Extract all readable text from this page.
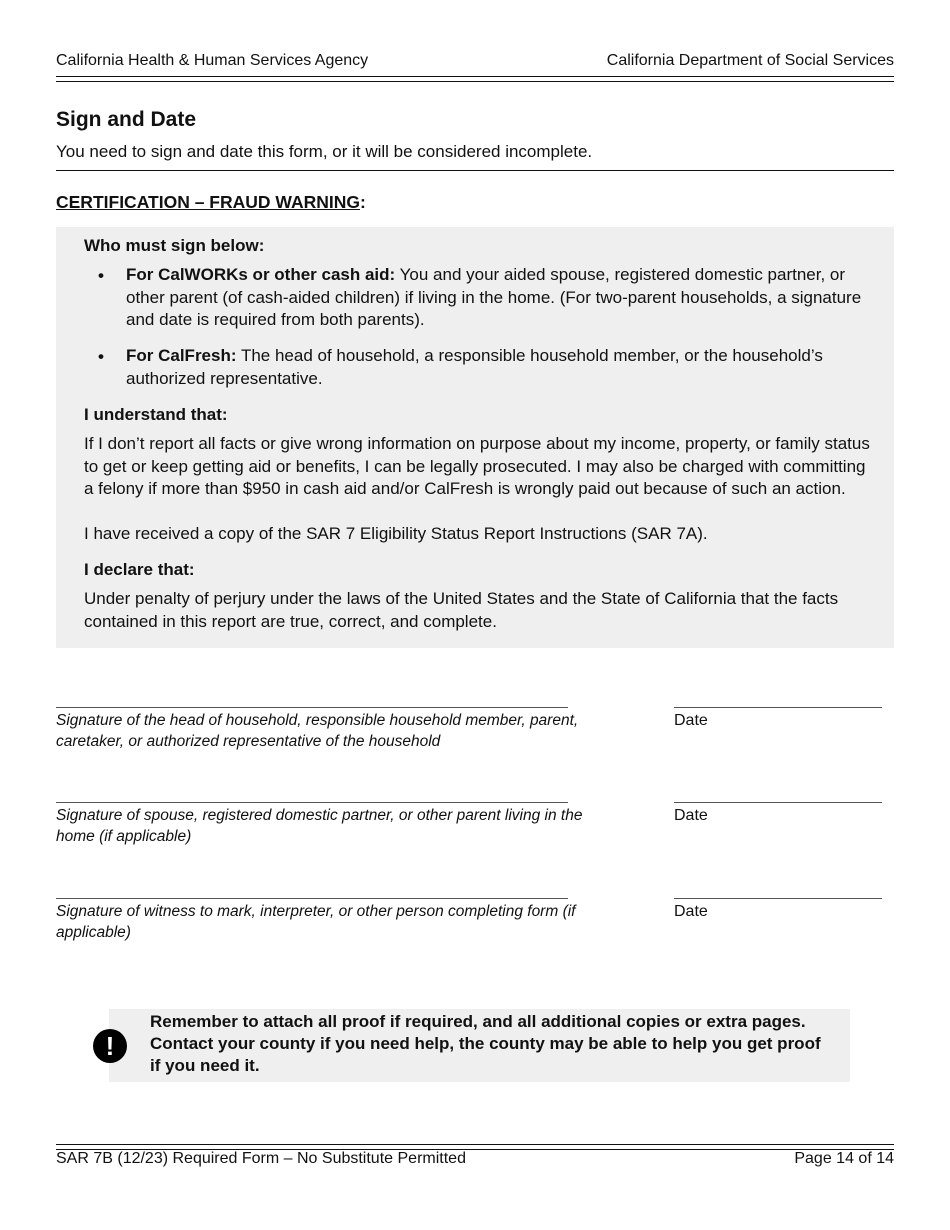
California Health & Human Services Agency	California Department of Social Services
Sign and Date

You need to sign and date this form, or it will be considered incomplete.

CERTIFICATION – FRAUD WARNING:

Who must sign below:

•	For CalWORKs or other cash aid: You and your aided spouse, registered domestic partner, or other parent (of cash-aided children) if living in the home. (For two-parent households, a signature and date is required from both parents).

•	For CalFresh: The head of household, a responsible household member, or the household’s authorized representative.

I understand that:

If I don’t report all facts or give wrong information on purpose about my income, property, or family status to get or keep getting aid or benefits, I can be legally prosecuted. I may also be charged with committing a felony if more than $950 in cash aid and/or CalFresh is wrongly paid out because of such an action.

I have received a copy of the SAR 7 Eligibility Status Report Instructions (SAR 7A).

I declare that:

Under penalty of perjury under the laws of the United States and the State of California that the facts contained in this report are true, correct, and complete.

Signature of the head of household, responsible household member, parent, caretaker, or authorized representative of the household

Date

Signature of spouse, registered domestic partner, or other parent living in the home (if applicable)

Date

Signature of witness to mark, interpreter, or other person completing form (if applicable)

Date
!

Remember to attach all proof if required, and all additional copies or extra pages. Contact your county if you need help, the county may be able to help you get proof if you need it.

SAR 7B (12/23) Required Form – No Substitute Permitted	Page 14 of 14
